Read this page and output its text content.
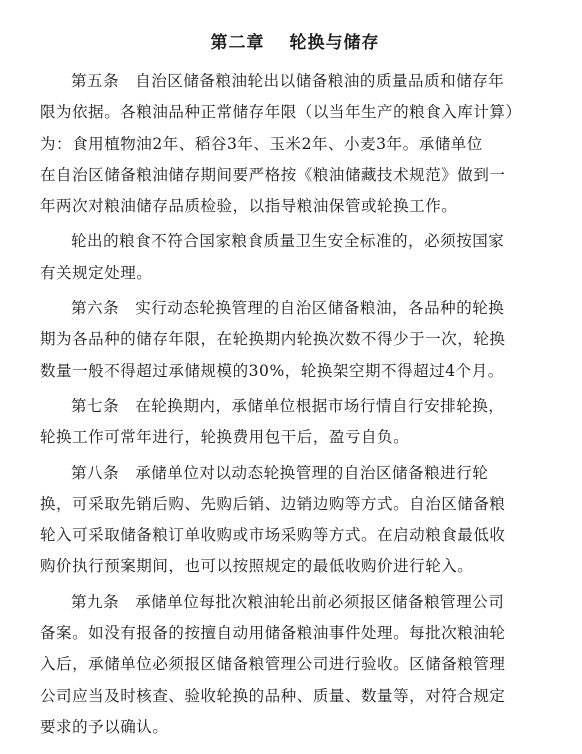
第二章　 轮换与储存
第五条　自治区储备粮油轮出以储备粮油的质量品质和储存年
限为依据。各粮油品种正常储存年限（以当年生产的粮食入库计算）
为：食用植物油2年、稻谷3年、玉米2年、小麦3年。承储单位
在自治区储备粮油储存期间要严格按《粮油储藏技术规范》做到一
年两次对粮油储存品质检验，以指导粮油保管或轮换工作。
轮出的粮食不符合国家粮食质量卫生安全标准的，必须按国家
有关规定处理。
第六条　实行动态轮换管理的自治区储备粮油，各品种的轮换
期为各品种的储存年限，在轮换期内轮换次数不得少于一次，轮换
数量一般不得超过承储规模的30%，轮换架空期不得超过4个月。
第七条　在轮换期内，承储单位根据市场行情自行安排轮换，
轮换工作可常年进行，轮换费用包干后，盈亏自负。
第八条　承储单位对以动态轮换管理的自治区储备粮进行轮
换，可采取先销后购、先购后销、边销边购等方式。自治区储备粮
轮入可采取储备粮订单收购或市场采购等方式。在启动粮食最低收
购价执行预案期间，也可以按照规定的最低收购价进行轮入。
第九条　承储单位每批次粮油轮出前必须报区储备粮管理公司
备案。如没有报备的按擅自动用储备粮油事件处理。每批次粮油轮
入后，承储单位必须报区储备粮管理公司进行验收。区储备粮管理
公司应当及时核查、验收轮换的品种、质量、数量等，对符合规定
要求的予以确认。
